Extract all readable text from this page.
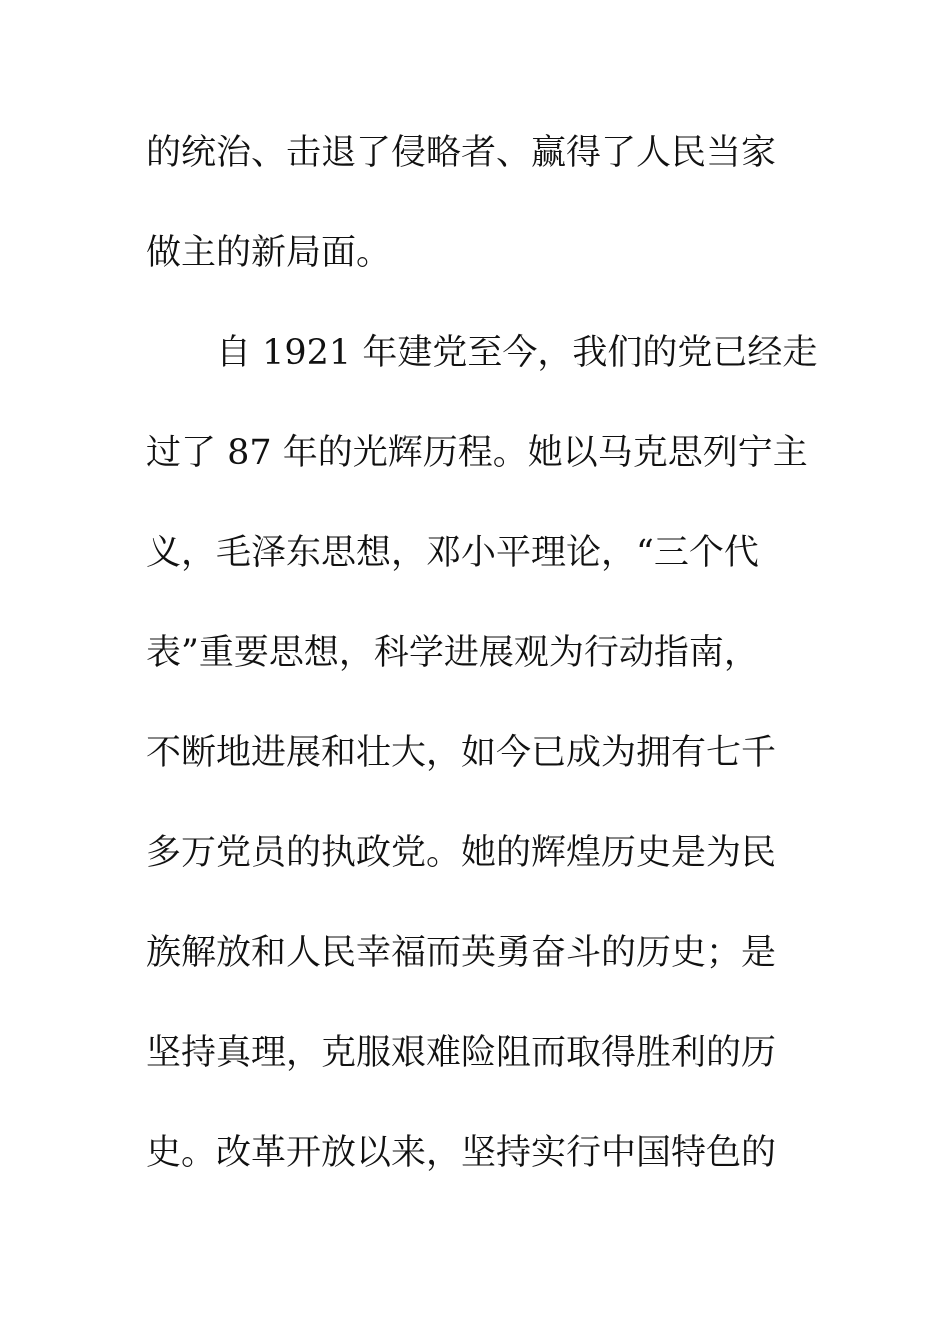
的统治、击退了侵略者、赢得了人民当家
做主的新局面。
自 1921 年建党至今，我们的党已经走
过了 87 年的光辉历程。她以马克思列宁主
义，毛泽东思想，邓小平理论，“三个代
表”重要思想，科学进展观为行动指南，
不断地进展和壮大，如今已成为拥有七千
多万党员的执政党。她的辉煌历史是为民
族解放和人民幸福而英勇奋斗的历史；是
坚持真理，克服艰难险阻而取得胜利的历
史。改革开放以来，坚持实行中国特色的
